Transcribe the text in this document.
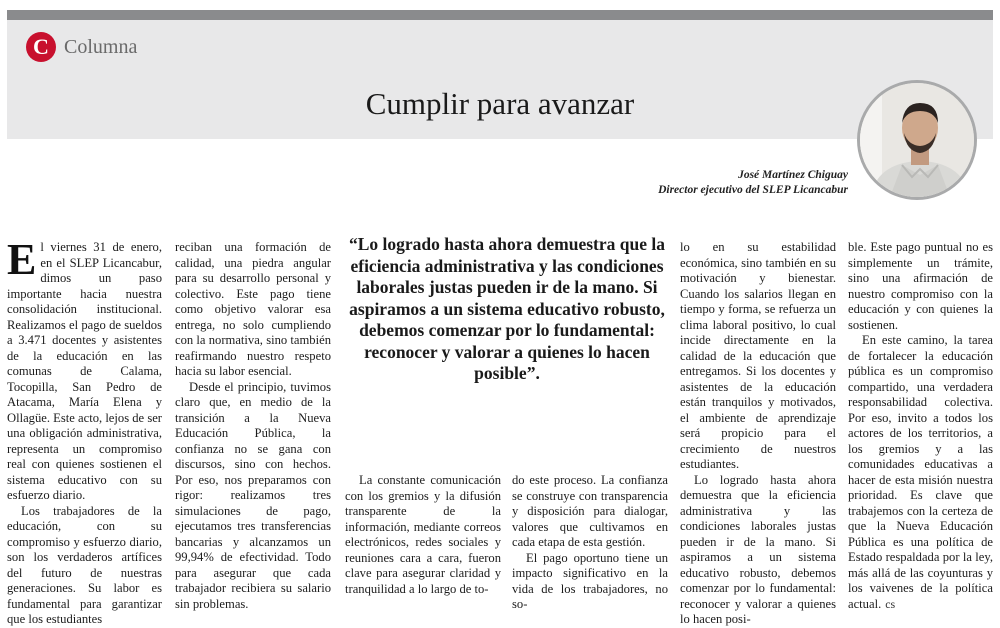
C Columna
Cumplir para avanzar
José Martínez Chiguay
Director ejecutivo del SLEP Licancabur

El viernes 31 de enero, en el SLEP Licancabur, dimos un paso importante hacia nuestra consolidación institucional. Realizamos el pago de sueldos a 3.471 docentes y asistentes de la educación en las comunas de Calama, Tocopilla, San Pedro de Atacama, María Elena y Ollagüe. Este acto, lejos de ser una obligación administrativa, representa un compromiso real con quienes sostienen el sistema educativo con su esfuerzo diario.

Los trabajadores de la educación, con su compromiso y esfuerzo diario, son los verdaderos artífices del futuro de nuestras generaciones. Su labor es fundamental para garantizar que los estudiantes

reciban una formación de calidad, una piedra angular para su desarrollo personal y colectivo. Este pago tiene como objetivo valorar esa entrega, no solo cumpliendo con la normativa, sino también reafirmando nuestro respeto hacia su labor esencial.

Desde el principio, tuvimos claro que, en medio de la transición a la Nueva Educación Pública, la confianza no se gana con discursos, sino con hechos. Por eso, nos preparamos con rigor: realizamos tres simulaciones de pago, ejecutamos tres transferencias bancarias y alcanzamos un 99,94% de efectividad. Todo para asegurar que cada trabajador recibiera su salario sin problemas.

“Lo logrado hasta ahora demuestra que la eficiencia administrativa y las condiciones laborales justas pueden ir de la mano. Si aspiramos a un sistema educativo robusto, debemos comenzar por lo fundamental: reconocer y valorar a quienes lo hacen posible”.

La constante comunicación con los gremios y la difusión transparente de la información, mediante correos electrónicos, redes sociales y reuniones cara a cara, fueron clave para asegurar claridad y tranquilidad a lo largo de to-

do este proceso. La confianza se construye con transparencia y disposición para dialogar, valores que cultivamos en cada etapa de esta gestión.

El pago oportuno tiene un impacto significativo en la vida de los trabajadores, no so-

lo en su estabilidad económica, sino también en su motivación y bienestar. Cuando los salarios llegan en tiempo y forma, se refuerza un clima laboral positivo, lo cual incide directamente en la calidad de la educación que entregamos. Si los docentes y asistentes de la educación están tranquilos y motivados, el ambiente de aprendizaje será propicio para el crecimiento de nuestros estudiantes.

Lo logrado hasta ahora demuestra que la eficiencia administrativa y las condiciones laborales justas pueden ir de la mano. Si aspiramos a un sistema educativo robusto, debemos comenzar por lo fundamental: reconocer y valorar a quienes lo hacen posi-

ble. Este pago puntual no es simplemente un trámite, sino una afirmación de nuestro compromiso con la educación y con quienes la sostienen.

En este camino, la tarea de fortalecer la educación pública es un compromiso compartido, una verdadera responsabilidad colectiva. Por eso, invito a todos los actores de los territorios, a los gremios y a las comunidades educativas a hacer de esta misión nuestra prioridad. Es clave que trabajemos con la certeza de que la Nueva Educación Pública es una política de Estado respaldada por la ley, más allá de las coyunturas y los vaivenes de la política actual. cs
